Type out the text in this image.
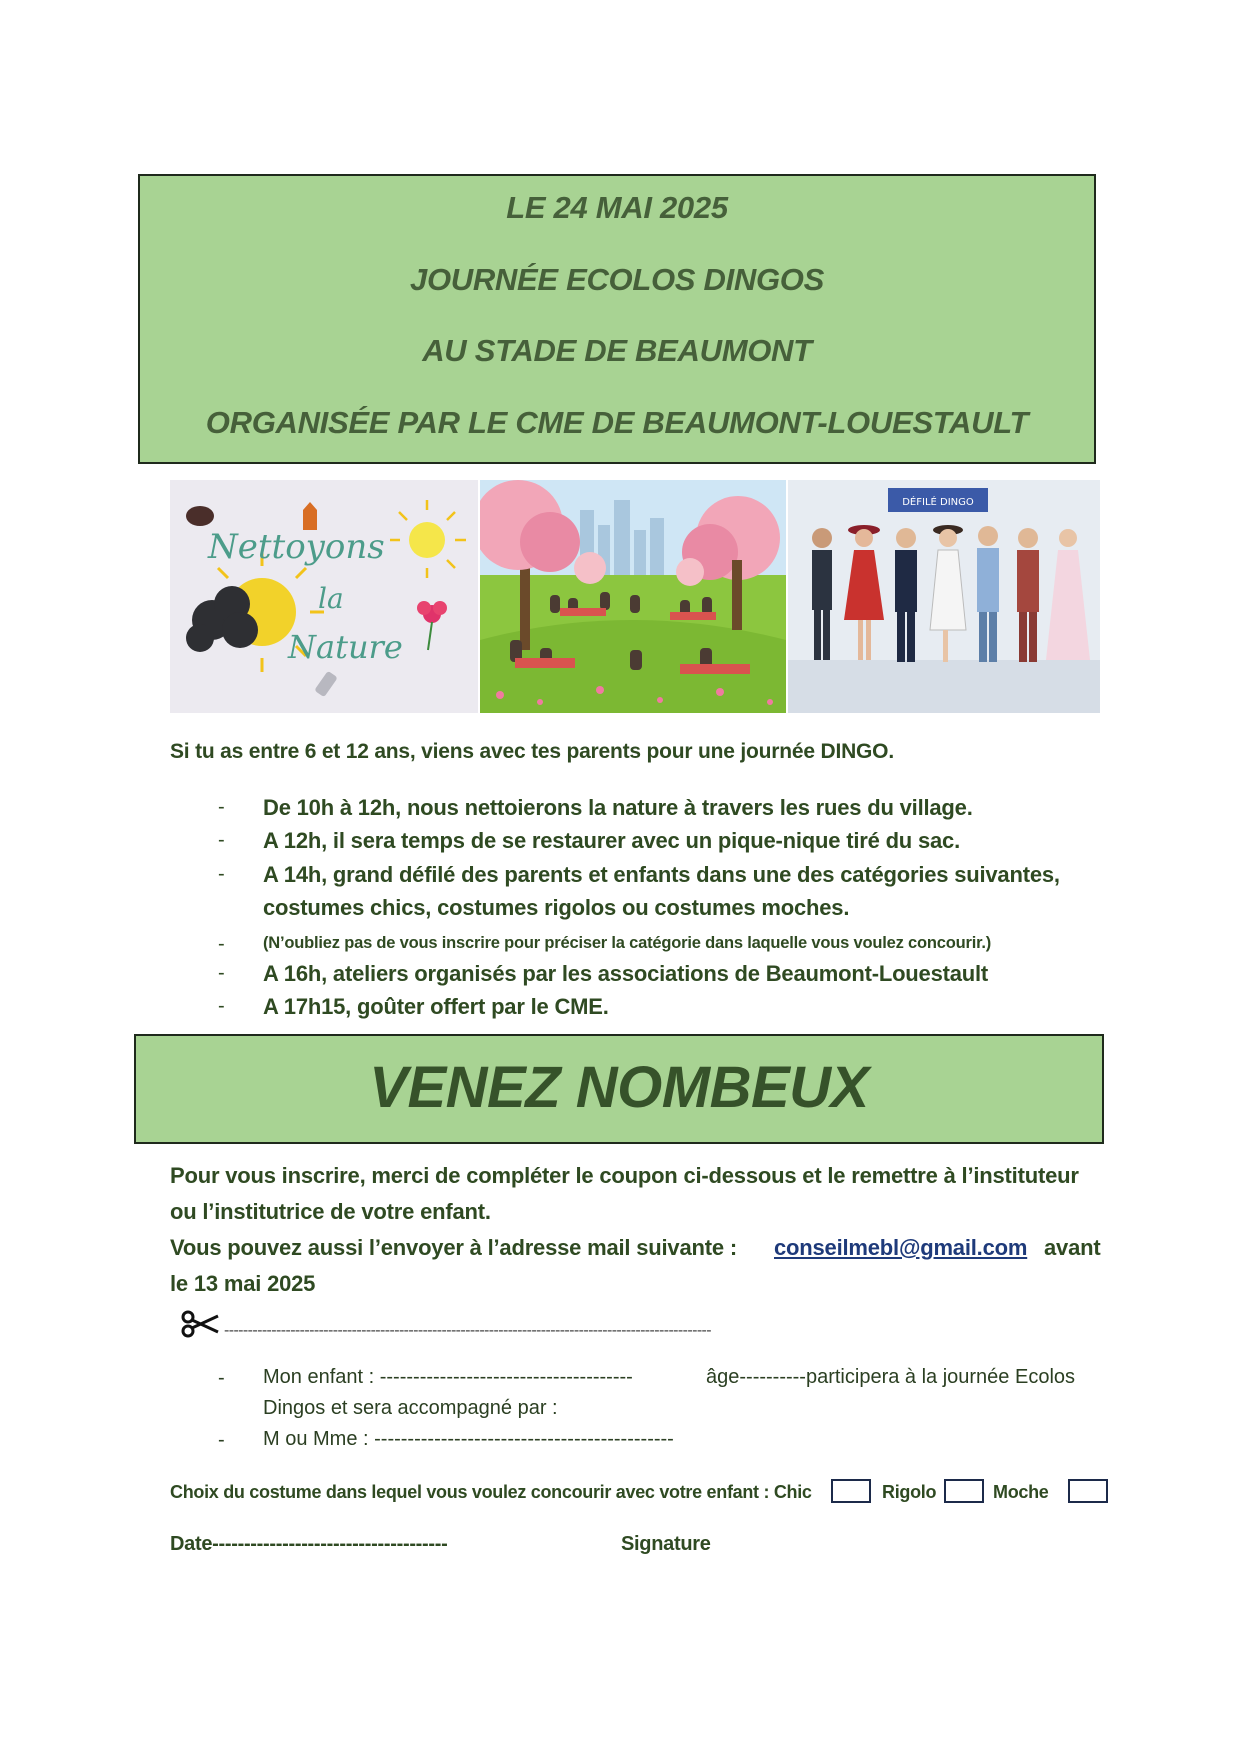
LE 24 MAI 2025
JOURNÉE ECOLOS DINGOS
AU STADE DE BEAUMONT
ORGANISÉE PAR LE CME DE BEAUMONT-LOUESTAULT
Nettoyons
la
Nature
DÉFILÉ DINGO
Si tu as entre 6 et 12 ans, viens avec tes parents pour une journée DINGO.
- De 10h à 12h, nous nettoierons la nature à travers les rues du village.
- A 12h, il sera temps de se restaurer avec un pique-nique tiré du sac.
- A 14h, grand défilé des parents et enfants dans une des catégories suivantes,
costumes chics, costumes rigolos ou costumes moches.
- (N’oubliez pas de vous inscrire pour préciser la catégorie dans laquelle vous voulez concourir.)
- A 16h, ateliers organisés par les associations de Beaumont-Louestault
- A 17h15, goûter offert par le CME.
VENEZ NOMBEUX
Pour vous inscrire, merci de compléter le coupon ci-dessous et le remettre à l’instituteur
ou l’institutrice de votre enfant.
Vous pouvez aussi l’envoyer à l’adresse mail suivante : conseilmebl@gmail.com avant
le 13 mai 2025
-------------------------------------------------------------------------------------------------------
- Mon enfant : --------------------------------------	âge----------participera à la journée Ecolos
Dingos et sera accompagné par :
- M ou Mme : ---------------------------------------------
Choix du costume dans lequel vous voulez concourir avec votre enfant : Chic	Rigolo	Moche
Date-------------------------------------	Signature
